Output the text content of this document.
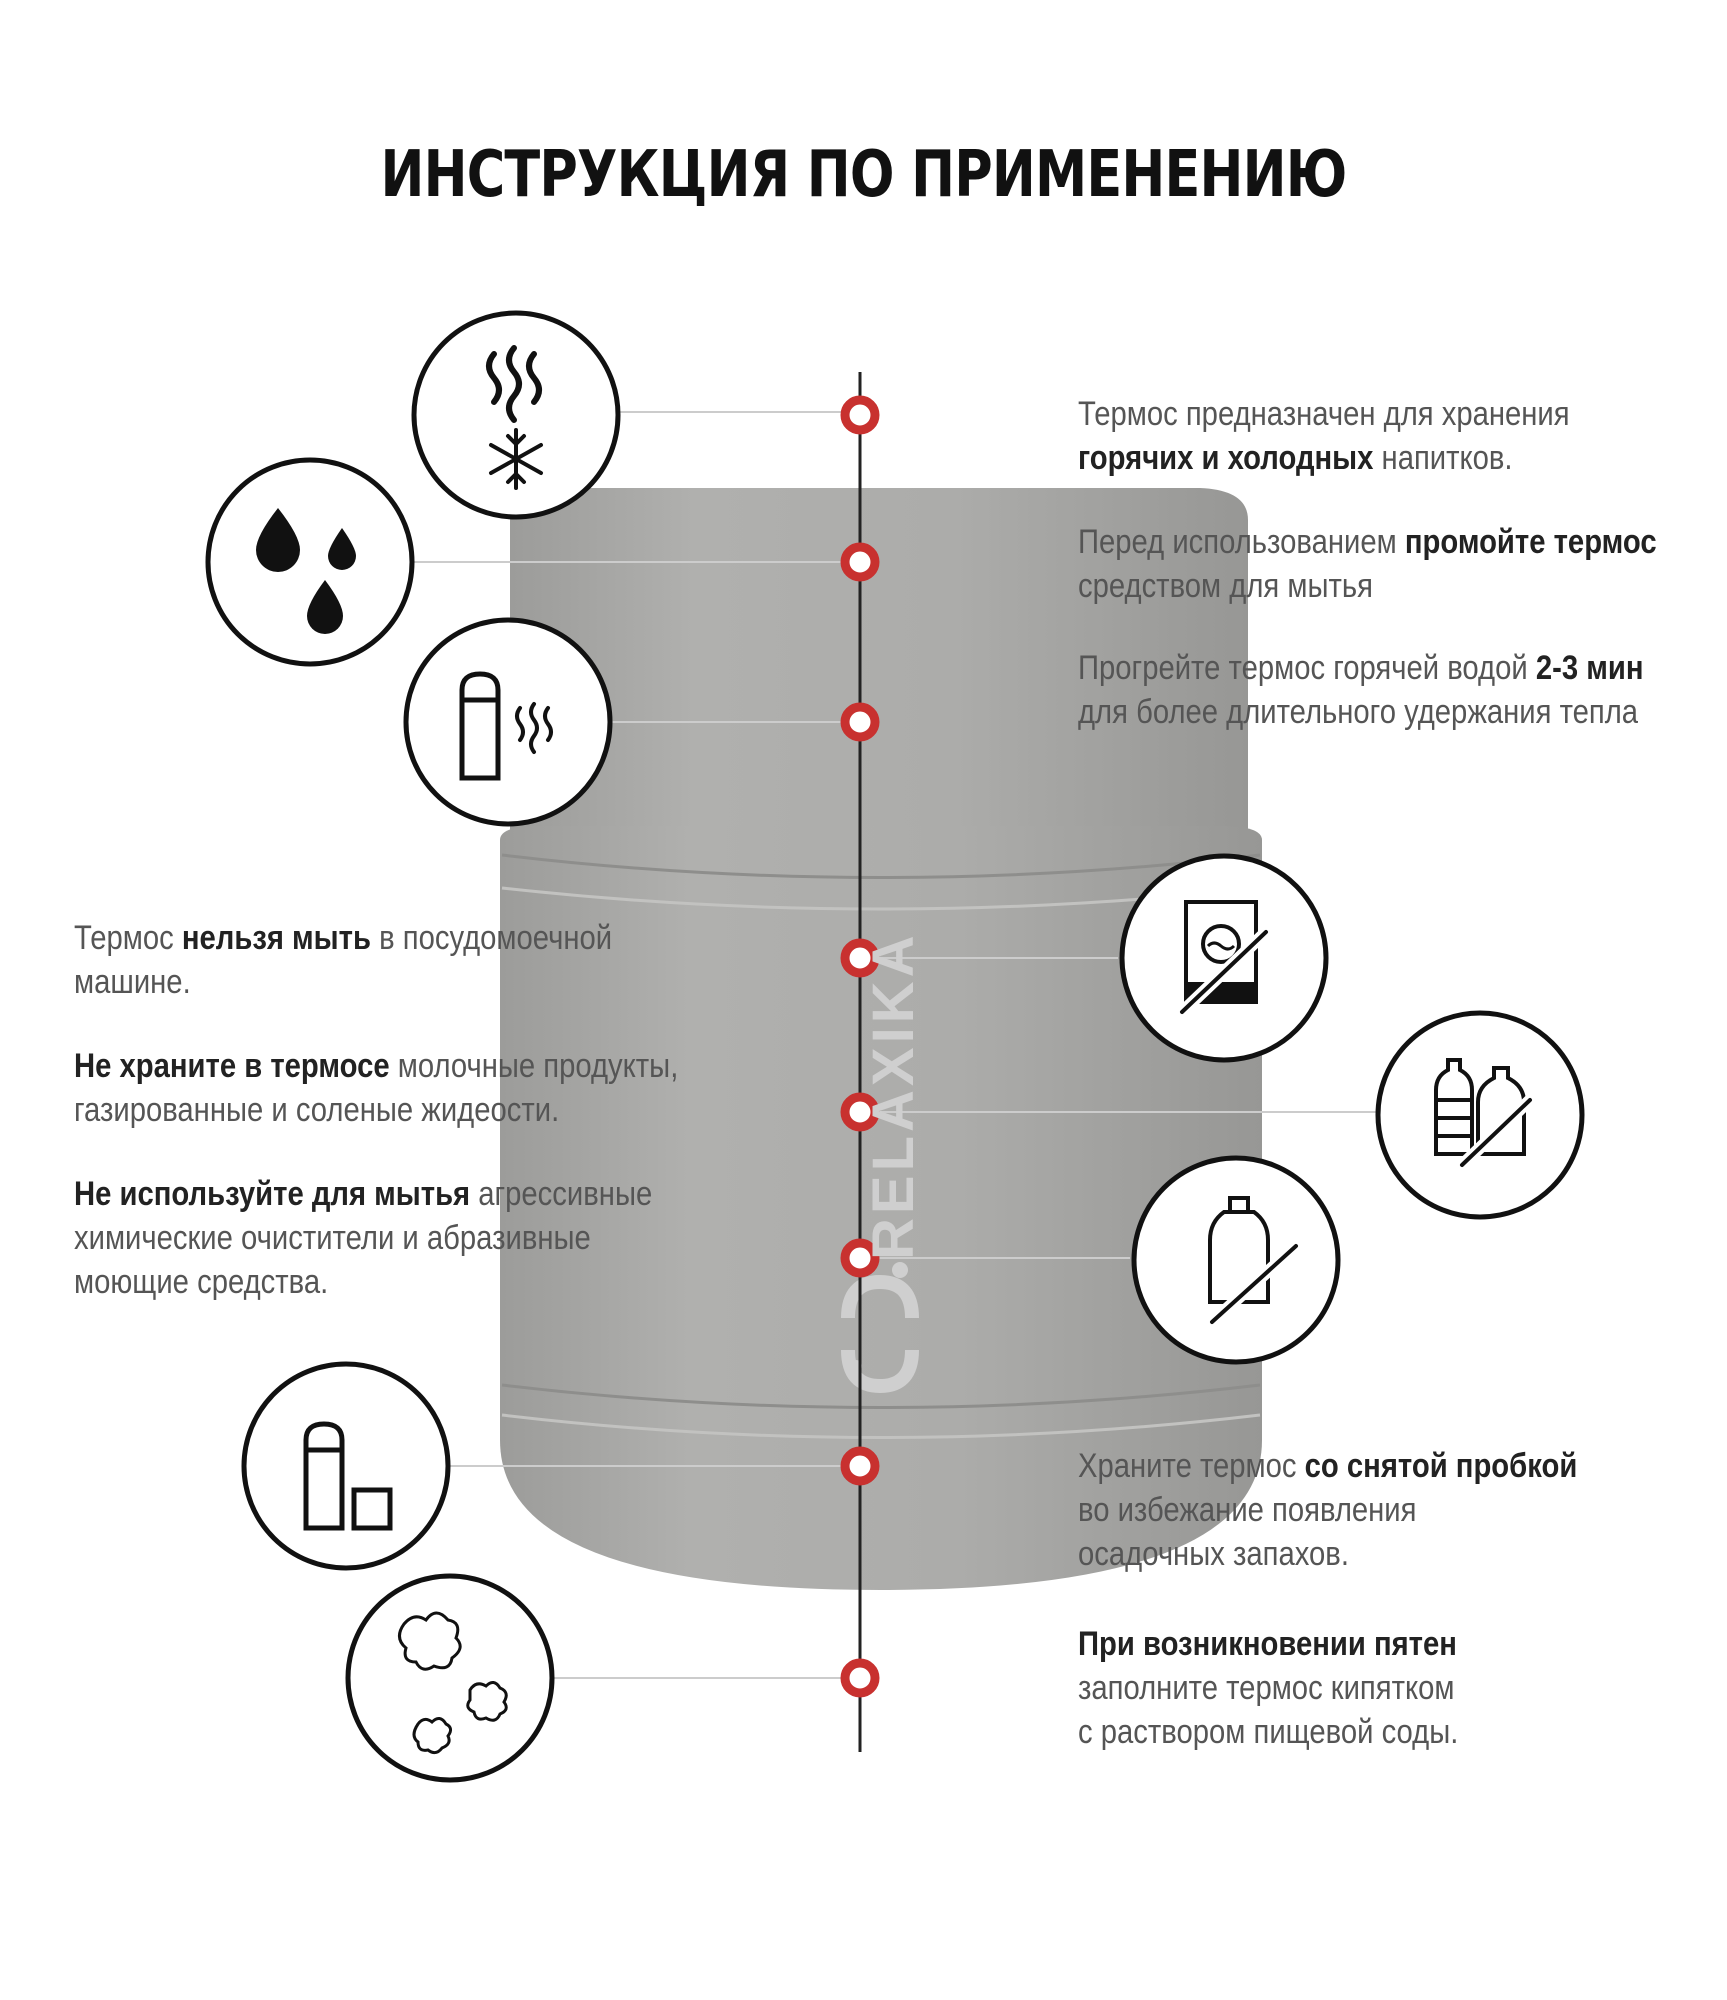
ИНСТРУКЦИЯ ПО ПРИМЕНЕНИЮ
RELAXIKA
Термос предназначен для хранения
горячих и холодных напитков.
Перед использованием промойте термос
средством для мытья
Прогрейте термос горячей водой 2-3 мин
для более длительного удержания тепла
Термос нельзя мыть в посудомоечной
машине.
Не храните в термосе молочные продукты,
газированные и соленые жидеости.
Не используйте для мытья агрессивные
химические очистители и абразивные
моющие средства.
Храните термос со снятой пробкой
во избежание появления
осадочных запахов.
При возникновении пятен
заполните термос кипятком
с раствором пищевой соды.
